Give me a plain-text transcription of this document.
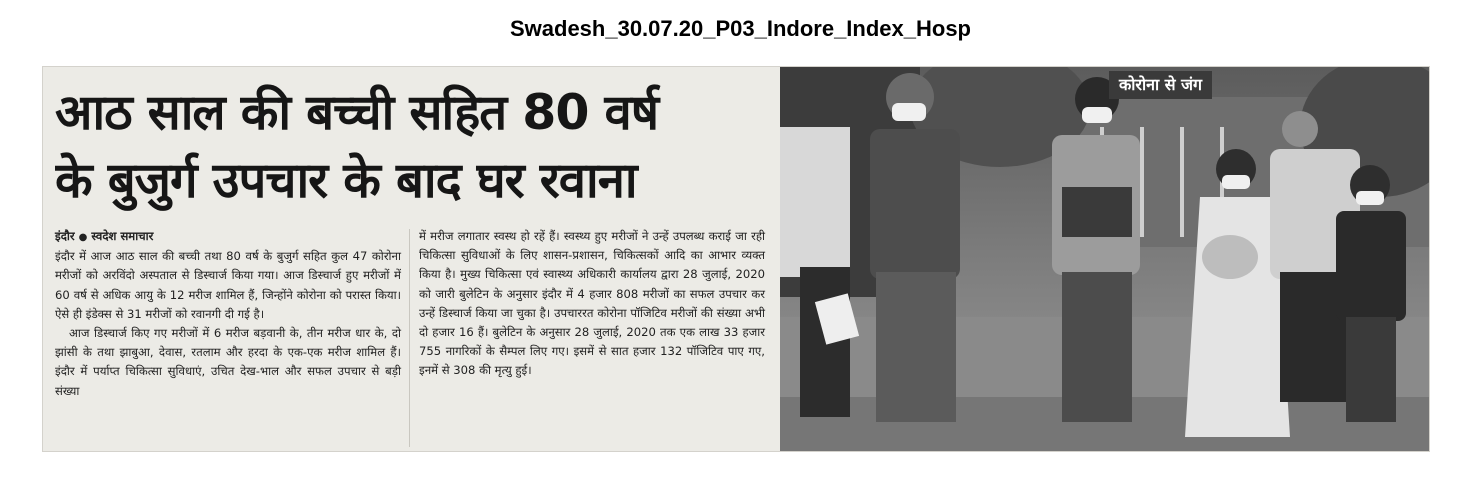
Swadesh_30.07.20_P03_Indore_Index_Hosp
आठ साल की बच्ची सहित 80 वर्ष
के बुजुर्ग उपचार के बाद घर रवाना

इंदौर ● स्वदेश समाचार

इंदौर में आज आठ साल की बच्ची तथा 80 वर्ष के बुजुर्ग सहित कुल 47 कोरोना मरीजों को अरविंदो अस्पताल से डिस्चार्ज किया गया। आज डिस्चार्ज हुए मरीजों में 60 वर्ष से अधिक आयु के 12 मरीज शामिल हैं, जिन्होंने कोरोना को परास्त किया। ऐसे ही इंडेक्स से 31 मरीजों को रवानगी दी गई है।

आज डिस्चार्ज किए गए मरीजों में 6 मरीज बड़वानी के, तीन मरीज धार के, दो झांसी के तथा झाबुआ, देवास, रतलाम और हरदा के एक-एक मरीज शामिल हैं। इंदौर में पर्याप्त चिकित्सा सुविधाएं, उचित देख-भाल और सफल उपचार से बड़ी संख्या

में मरीज लगातार स्वस्थ हो रहें हैं। स्वस्थ्य हुए मरीजों ने उन्हें उपलब्ध कराई जा रही चिकित्सा सुविधाओं के लिए शासन-प्रशासन, चिकित्सकों आदि का आभार व्यक्त किया है। मुख्य चिकित्सा एवं स्वास्थ्य अधिकारी कार्यालय द्वारा 28 जुलाई, 2020 को जारी बुलेटिन के अनुसार इंदौर में 4 हजार 808 मरीजों का सफल उपचार कर उन्हें डिस्चार्ज किया जा चुका है। उपचाररत कोरोना पॉजिटिव मरीजों की संख्या अभी दो हजार 16 हैं। बुलेटिन के अनुसार 28 जुलाई, 2020 तक एक लाख 33 हजार 755 नागरिकों के सैम्पल लिए गए। इसमें से सात हजार 132 पॉजिटिव पाए गए, इनमें से 308 की मृत्यु हुई।

कोरोना से जंग
